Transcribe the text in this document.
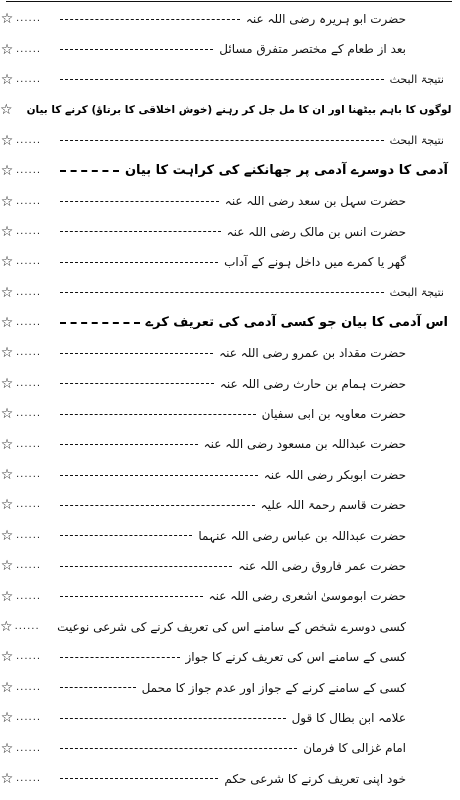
☆ ......	حضرت ابو ہریرہ رضی اللہ عنہ
☆ ......	بعد از طعام کے مختصر متفرق مسائل
☆ ......	نتیجۃ البحث
☆ لوگوں کا باہم بیٹھنا اور ان کا مل جل کر رہنے (خوش اخلاقی کا برتاؤ) کرنے کا بیان
☆ ......	نتیجۃ البحث
☆ ......	آدمی کا دوسرے آدمی پر جھانکنے کی کراہت کا بیان
☆ ......	حضرت سہل بن سعد رضی اللہ عنہ
☆ ......	حضرت انس بن مالک رضی اللہ عنہ
☆ ......	گھر یا کمرے میں داخل ہونے کے آداب
☆ ......	نتیجۃ البحث
☆ ......	اس آدمی کا بیان جو کسی آدمی کی تعریف کرے
☆ ......	حضرت مقداد بن عمرو رضی اللہ عنہ
☆ ......	حضرت ہمام بن حارث رضی اللہ عنہ
☆ ......	حضرت معاویہ بن ابی سفیان
☆ ......	حضرت عبداللہ بن مسعود رضی اللہ عنہ
☆ ......	حضرت ابوبکر رضی اللہ عنہ
☆ ......	حضرت قاسم رحمۃ اللہ علیہ
☆ ......	حضرت عبداللہ بن عباس رضی اللہ عنہما
☆ ......	حضرت عمر فاروق رضی اللہ عنہ
☆ ......	حضرت ابوموسیٰ اشعری رضی اللہ عنہ
☆ ......	کسی دوسرے شخص کے سامنے اس کی تعریف کرنے کی شرعی نوعیت
☆ ......	کسی کے سامنے اس کی تعریف کرنے کا جواز
☆ ......	کسی کے سامنے کرنے کے جواز اور عدم جواز کا محمل
☆ ......	علامہ ابن بطال کا قول
☆ ......	امام غزالی کا فرمان
☆ ......	خود اپنی تعریف کرنے کا شرعی حکم
